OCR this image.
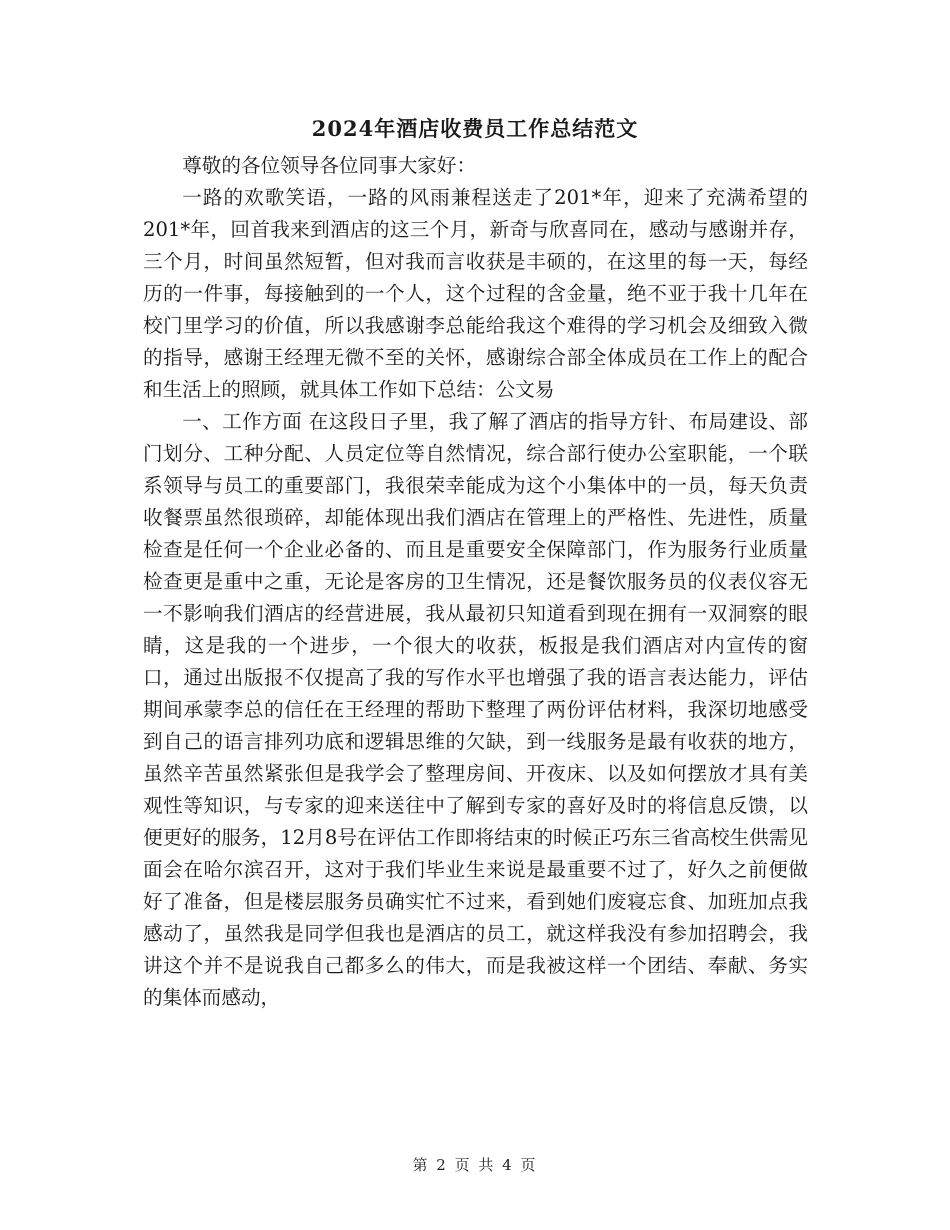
2024年酒店收费员工作总结范文

尊敬的各位领导各位同事大家好：

一路的欢歌笑语，一路的风雨兼程送走了201*年，迎来了充满希望的201*年，回首我来到酒店的这三个月，新奇与欣喜同在，感动与感谢并存，三个月，时间虽然短暂，但对我而言收获是丰硕的，在这里的每一天，每经历的一件事，每接触到的一个人，这个过程的含金量，绝不亚于我十几年在校门里学习的价值，所以我感谢李总能给我这个难得的学习机会及细致入微的指导，感谢王经理无微不至的关怀，感谢综合部全体成员在工作上的配合和生活上的照顾，就具体工作如下总结：公文易

一、工作方面 在这段日子里，我了解了酒店的指导方针、布局建设、部门划分、工种分配、人员定位等自然情况，综合部行使办公室职能，一个联系领导与员工的重要部门，我很荣幸能成为这个小集体中的一员，每天负责收餐票虽然很琐碎，却能体现出我们酒店在管理上的严格性、先进性，质量检查是任何一个企业必备的、而且是重要安全保障部门，作为服务行业质量检查更是重中之重，无论是客房的卫生情况，还是餐饮服务员的仪表仪容无一不影响我们酒店的经营进展，我从最初只知道看到现在拥有一双洞察的眼睛，这是我的一个进步，一个很大的收获，板报是我们酒店对内宣传的窗口，通过出版报不仅提高了我的写作水平也增强了我的语言表达能力，评估期间承蒙李总的信任在王经理的帮助下整理了两份评估材料，我深切地感受到自己的语言排列功底和逻辑思维的欠缺，到一线服务是最有收获的地方，虽然辛苦虽然紧张但是我学会了整理房间、开夜床、以及如何摆放才具有美观性等知识，与专家的迎来送往中了解到专家的喜好及时的将信息反馈，以便更好的服务，12月8号在评估工作即将结束的时候正巧东三省高校生供需见面会在哈尔滨召开，这对于我们毕业生来说是最重要不过了，好久之前便做好了准备，但是楼层服务员确实忙不过来，看到她们废寝忘食、加班加点我感动了，虽然我是同学但我也是酒店的员工，就这样我没有参加招聘会，我讲这个并不是说我自己都多么的伟大，而是我被这样一个团结、奉献、务实的集体而感动，

第 2 页 共 4 页
